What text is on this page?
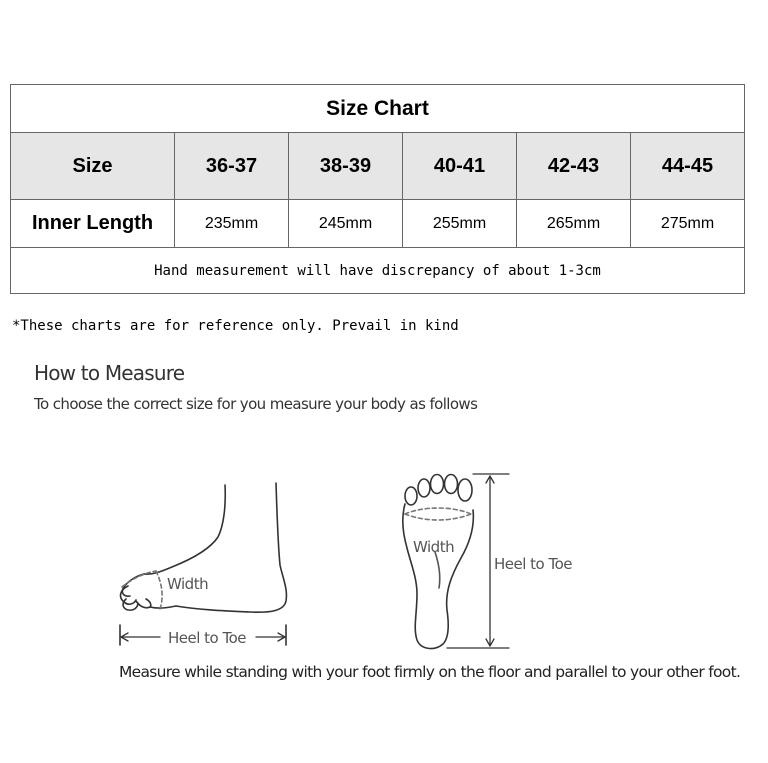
Size Chart					
Size	36-37	38-39	40-41	42-43	44-45
Inner Length	235mm	245mm	255mm	265mm	275mm
Hand measurement will have discrepancy of about 1-3cm					
*These charts are for reference only. Prevail in kind
How to Measure
To choose the correct size for you measure your body as follows
Width
Heel to Toe
Width
Heel to Toe
Measure while standing with your foot firmly on the floor and parallel to your other foot.
